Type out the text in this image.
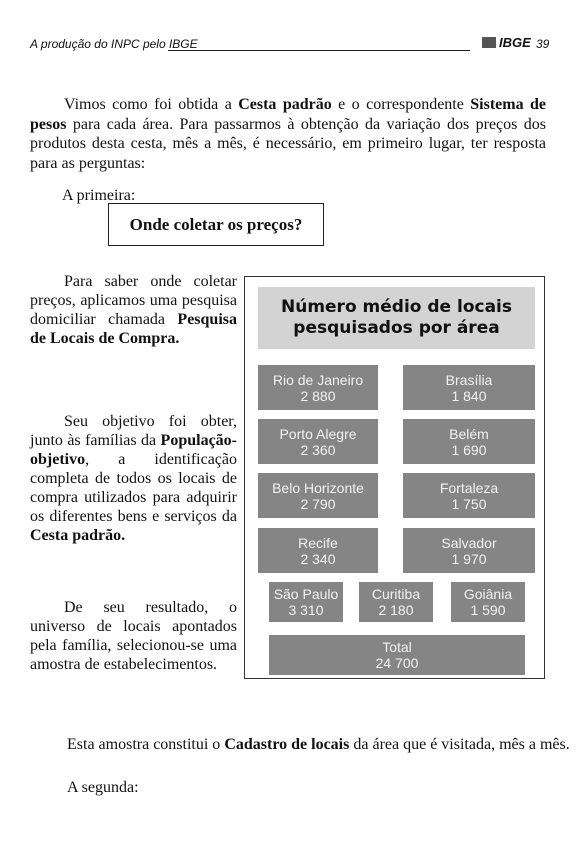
A produção do INPC pelo IBGE	IBGE 39

Vimos como foi obtida a Cesta padrão e o correspondente Sistema de pesos para cada área. Para passarmos à obtenção da variação dos preços dos produtos desta cesta, mês a mês, é necessário, em primeiro lugar, ter resposta para as perguntas:

A primeira:

Onde coletar os preços?

Para saber onde coletar preços, aplicamos uma pesquisa domiciliar chamada Pesquisa de Locais de Compra.

Seu objetivo foi obter, junto às famílias da População-objetivo, a identificação completa de todos os locais de compra utilizados para adquirir os diferentes bens e serviços da Cesta padrão.

De seu resultado, o universo de locais apontados pela família, selecionou-se uma amostra de estabelecimentos.

Número médio de locais
pesquisados por área
Rio de Janeiro
2 880
Brasília
1 840
Porto Alegre
2 360
Belém
1 690
Belo Horizonte
2 790
Fortaleza
1 750
Recife
2 340
Salvador
1 970
São Paulo
3 310
Curitiba
2 180
Goiânia
1 590
Total
24 700

Esta amostra constitui o Cadastro de locais da área que é visitada, mês a mês.

A segunda:
